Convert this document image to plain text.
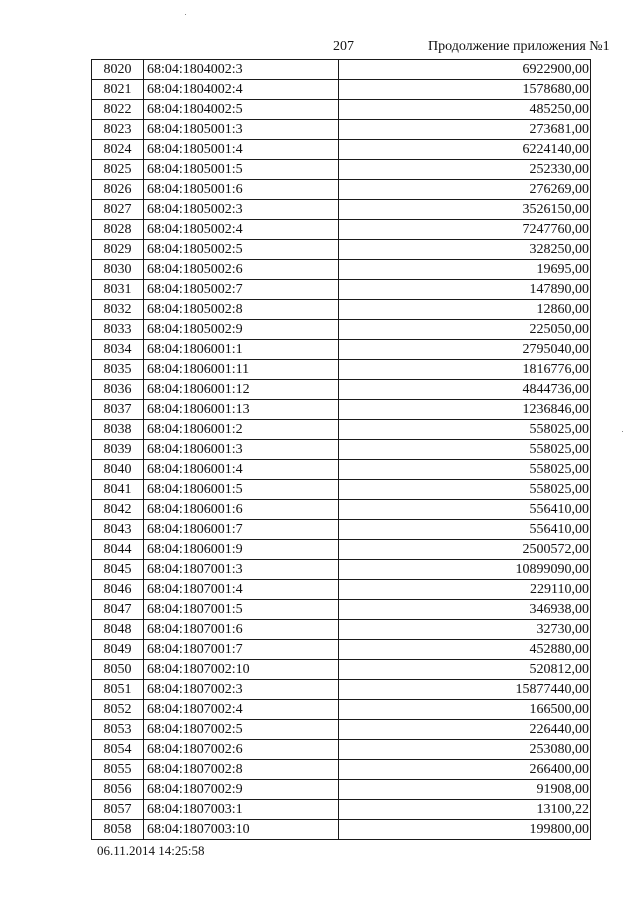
207	Продолжение приложения №1
8020	68:04:1804002:3	6922900,00
8021	68:04:1804002:4	1578680,00
8022	68:04:1804002:5	485250,00
8023	68:04:1805001:3	273681,00
8024	68:04:1805001:4	6224140,00
8025	68:04:1805001:5	252330,00
8026	68:04:1805001:6	276269,00
8027	68:04:1805002:3	3526150,00
8028	68:04:1805002:4	7247760,00
8029	68:04:1805002:5	328250,00
8030	68:04:1805002:6	19695,00
8031	68:04:1805002:7	147890,00
8032	68:04:1805002:8	12860,00
8033	68:04:1805002:9	225050,00
8034	68:04:1806001:1	2795040,00
8035	68:04:1806001:11	1816776,00
8036	68:04:1806001:12	4844736,00
8037	68:04:1806001:13	1236846,00
8038	68:04:1806001:2	558025,00
8039	68:04:1806001:3	558025,00
8040	68:04:1806001:4	558025,00
8041	68:04:1806001:5	558025,00
8042	68:04:1806001:6	556410,00
8043	68:04:1806001:7	556410,00
8044	68:04:1806001:9	2500572,00
8045	68:04:1807001:3	10899090,00
8046	68:04:1807001:4	229110,00
8047	68:04:1807001:5	346938,00
8048	68:04:1807001:6	32730,00
8049	68:04:1807001:7	452880,00
8050	68:04:1807002:10	520812,00
8051	68:04:1807002:3	15877440,00
8052	68:04:1807002:4	166500,00
8053	68:04:1807002:5	226440,00
8054	68:04:1807002:6	253080,00
8055	68:04:1807002:8	266400,00
8056	68:04:1807002:9	91908,00
8057	68:04:1807003:1	13100,22
8058	68:04:1807003:10	199800,00
06.11.2014 14:25:58
